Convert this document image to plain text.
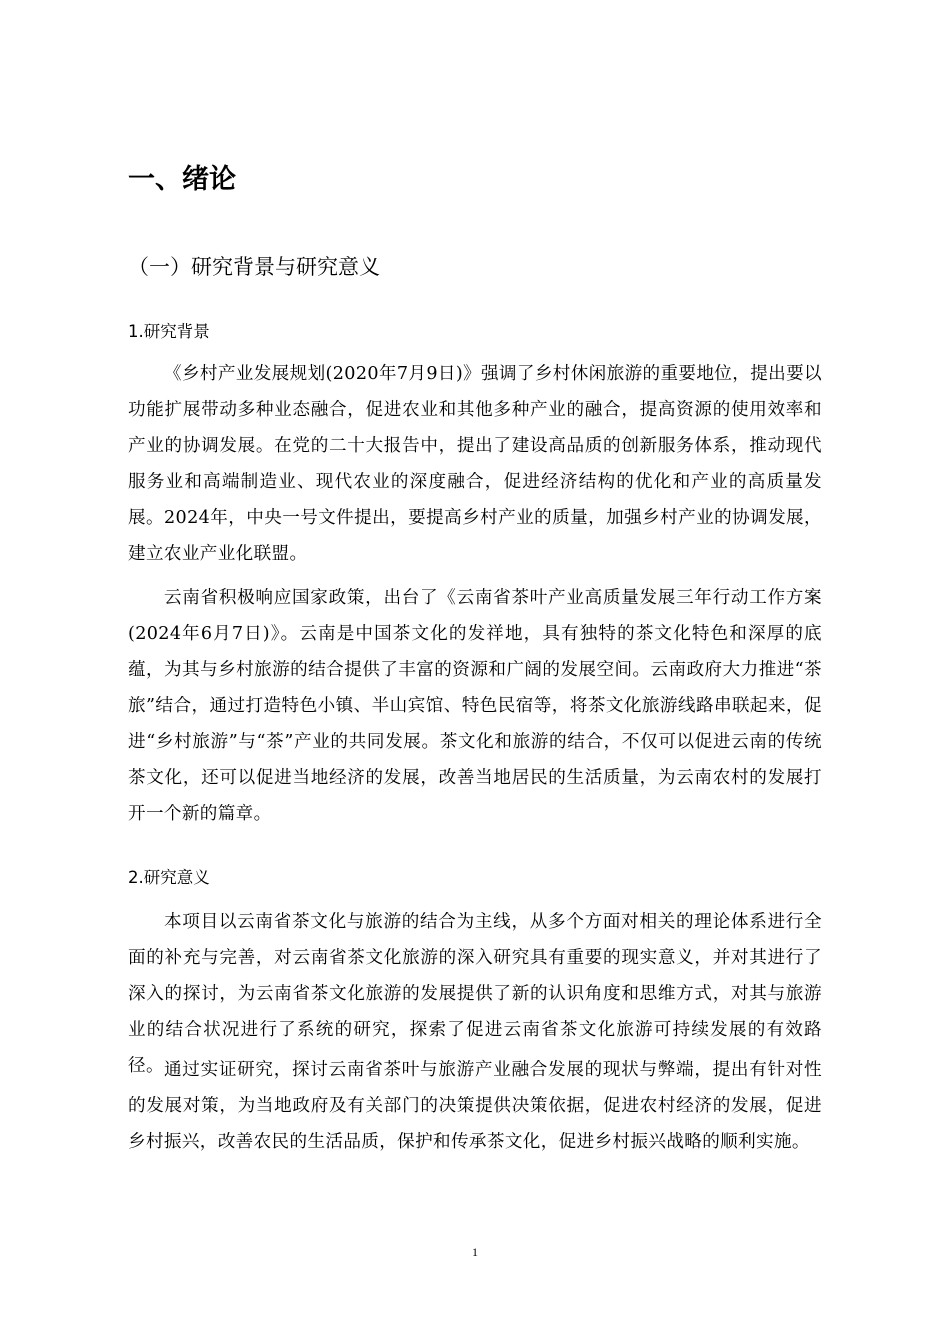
一、绪论
（一）研究背景与研究意义
1.研究背景

《乡村产业发展规划(2020年7月9日)》强调了乡村休闲旅游的重要地位，提出要以功能扩展带动多种业态融合，促进农业和其他多种产业的融合，提高资源的使用效率和产业的协调发展。在党的二十大报告中，提出了建设高品质的创新服务体系，推动现代服务业和高端制造业、现代农业的深度融合，促进经济结构的优化和产业的高质量发展。2024年，中央一号文件提出，要提高乡村产业的质量，加强乡村产业的协调发展，建立农业产业化联盟。

云南省积极响应国家政策，出台了《云南省茶叶产业高质量发展三年行动工作方案(2024年6月7日)》。云南是中国茶文化的发祥地，具有独特的茶文化特色和深厚的底蕴，为其与乡村旅游的结合提供了丰富的资源和广阔的发展空间。云南政府大力推进“茶旅”结合，通过打造特色小镇、半山宾馆、特色民宿等，将茶文化旅游线路串联起来，促进“乡村旅游”与“茶”产业的共同发展。茶文化和旅游的结合，不仅可以促进云南的传统茶文化，还可以促进当地经济的发展，改善当地居民的生活质量，为云南农村的发展打开一个新的篇章。

2.研究意义

本项目以云南省茶文化与旅游的结合为主线，从多个方面对相关的理论体系进行全面的补充与完善，对云南省茶文化旅游的深入研究具有重要的现实意义，并对其进行了深入的探讨，为云南省茶文化旅游的发展提供了新的认识角度和思维方式，对其与旅游业的结合状况进行了系统的研究，探索了促进云南省茶文化旅游可持续发展的有效路径。 通过实证研究，探讨云南省茶叶与旅游产业融合发展的现状与弊端，提出有针对性的发展对策，为当地政府及有关部门的决策提供决策依据，促进农村经济的发展，促进乡村振兴，改善农民的生活品质，保护和传承茶文化，促进乡村振兴战略的顺利实施。

1
